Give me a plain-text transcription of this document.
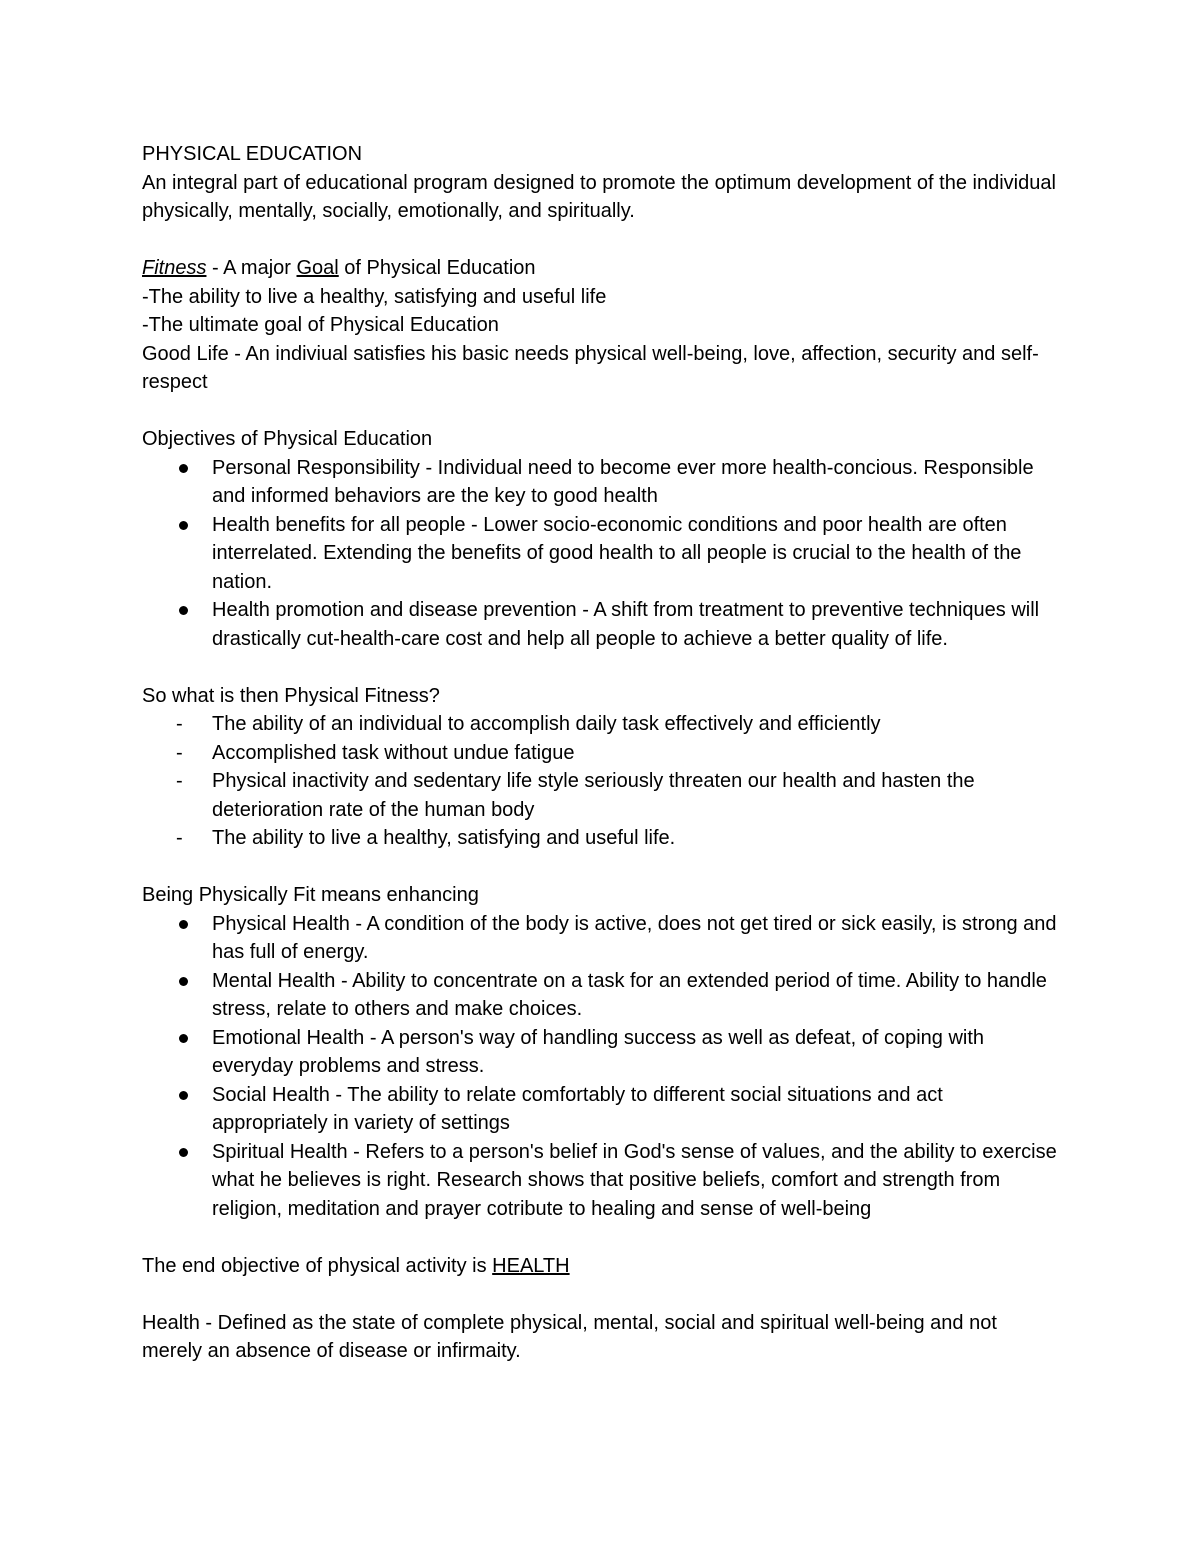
PHYSICAL EDUCATION

An integral part of educational program designed to promote the optimum development of the individual physically, mentally, socially, emotionally, and spiritually.

Fitness - A major Goal of Physical Education

-The ability to live a healthy, satisfying and useful life

-The ultimate goal of Physical Education

Good Life - An indiviual satisfies his basic needs physical well-being, love, affection, security and self-respect

Objectives of Physical Education

Personal Responsibility - Individual need to become ever more health-concious. Responsible and informed behaviors are the key to good health
Health benefits for all people - Lower socio-economic conditions and poor health are often interrelated. Extending the benefits of good health to all people is crucial to the health of the nation.
Health promotion and disease prevention - A shift from treatment to preventive techniques will drastically cut-health-care cost and help all people to achieve a better quality of life.

So what is then Physical Fitness?

-	The ability of an individual to accomplish daily task effectively and efficiently
-	Accomplished task without undue fatigue
-	Physical inactivity and sedentary life style seriously threaten our health and hasten the deterioration rate of the human body
-	The ability to live a healthy, satisfying and useful life.

Being Physically Fit means enhancing

Physical Health - A condition of the body is active, does not get tired or sick easily, is strong and has full of energy.
Mental Health - Ability to concentrate on a task for an extended period of time. Ability to handle stress, relate to others and make choices.
Emotional Health - A person's way of handling success as well as defeat, of coping with everyday problems and stress.
Social Health - The ability to relate comfortably to different social situations and act appropriately in variety of settings
Spiritual Health - Refers to a person's belief in God's sense of values, and the ability to exercise what he believes is right. Research shows that positive beliefs, comfort and strength from religion, meditation and prayer cotribute to healing and sense of well-being

The end objective of physical activity is HEALTH

Health - Defined as the state of complete physical, mental, social and spiritual well-being and not merely an absence of disease or infirmaity.
